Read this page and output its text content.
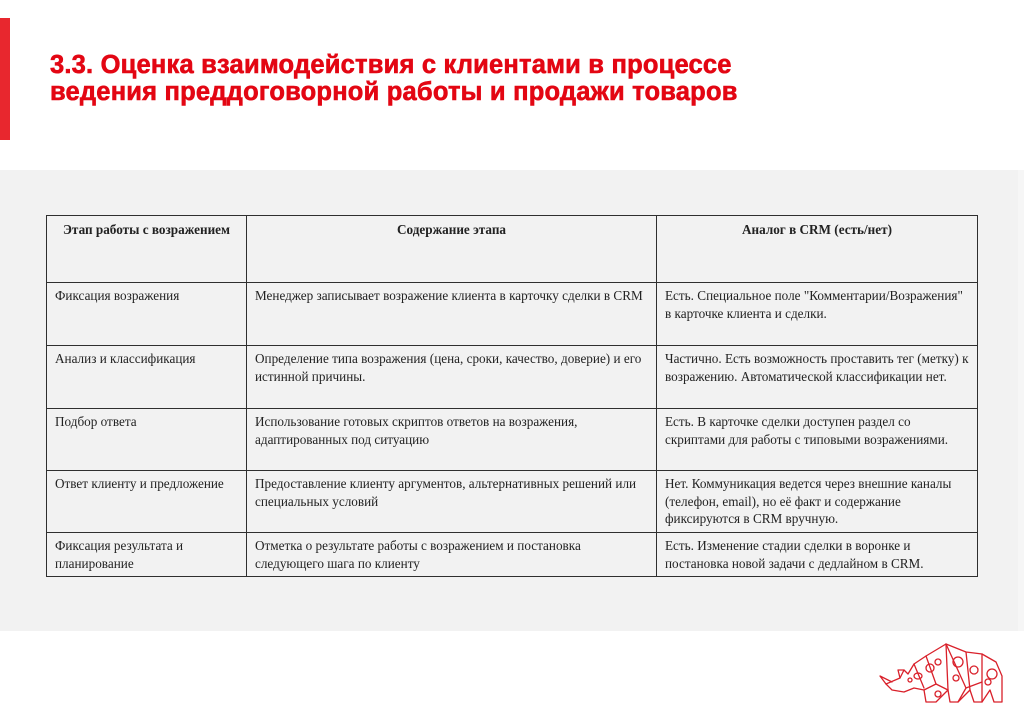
3.3. Оценка взаимодействия с клиентами в процессе
ведения преддоговорной работы и продажи товаров
Этап работы с возражением	Содержание этапа	Аналог в CRM (есть/нет)
Фиксация возражения	Менеджер записывает возражение клиента в карточку сделки в CRM	Есть. Специальное поле "Комментарии/Возражения" в карточке клиента и сделки.
Анализ и классификация	Определение типа возражения (цена, сроки, качество, доверие) и его истинной причины.	Частично. Есть возможность проставить тег (метку) к возражению. Автоматической классификации нет.
Подбор ответа	Использование готовых скриптов ответов на возражения, адаптированных под ситуацию	Есть. В карточке сделки доступен раздел со скриптами для работы с типовыми возражениями.
Ответ клиенту и предложение	Предоставление клиенту аргументов, альтернативных решений или специальных условий	Нет. Коммуникация ведется через внешние каналы (телефон, email), но её факт и содержание фиксируются в CRM вручную.
Фиксация результата и планирование	Отметка о результате работы с возражением и постановка следующего шага по клиенту	Есть. Изменение стадии сделки в воронке и постановка новой задачи с дедлайном в CRM.
